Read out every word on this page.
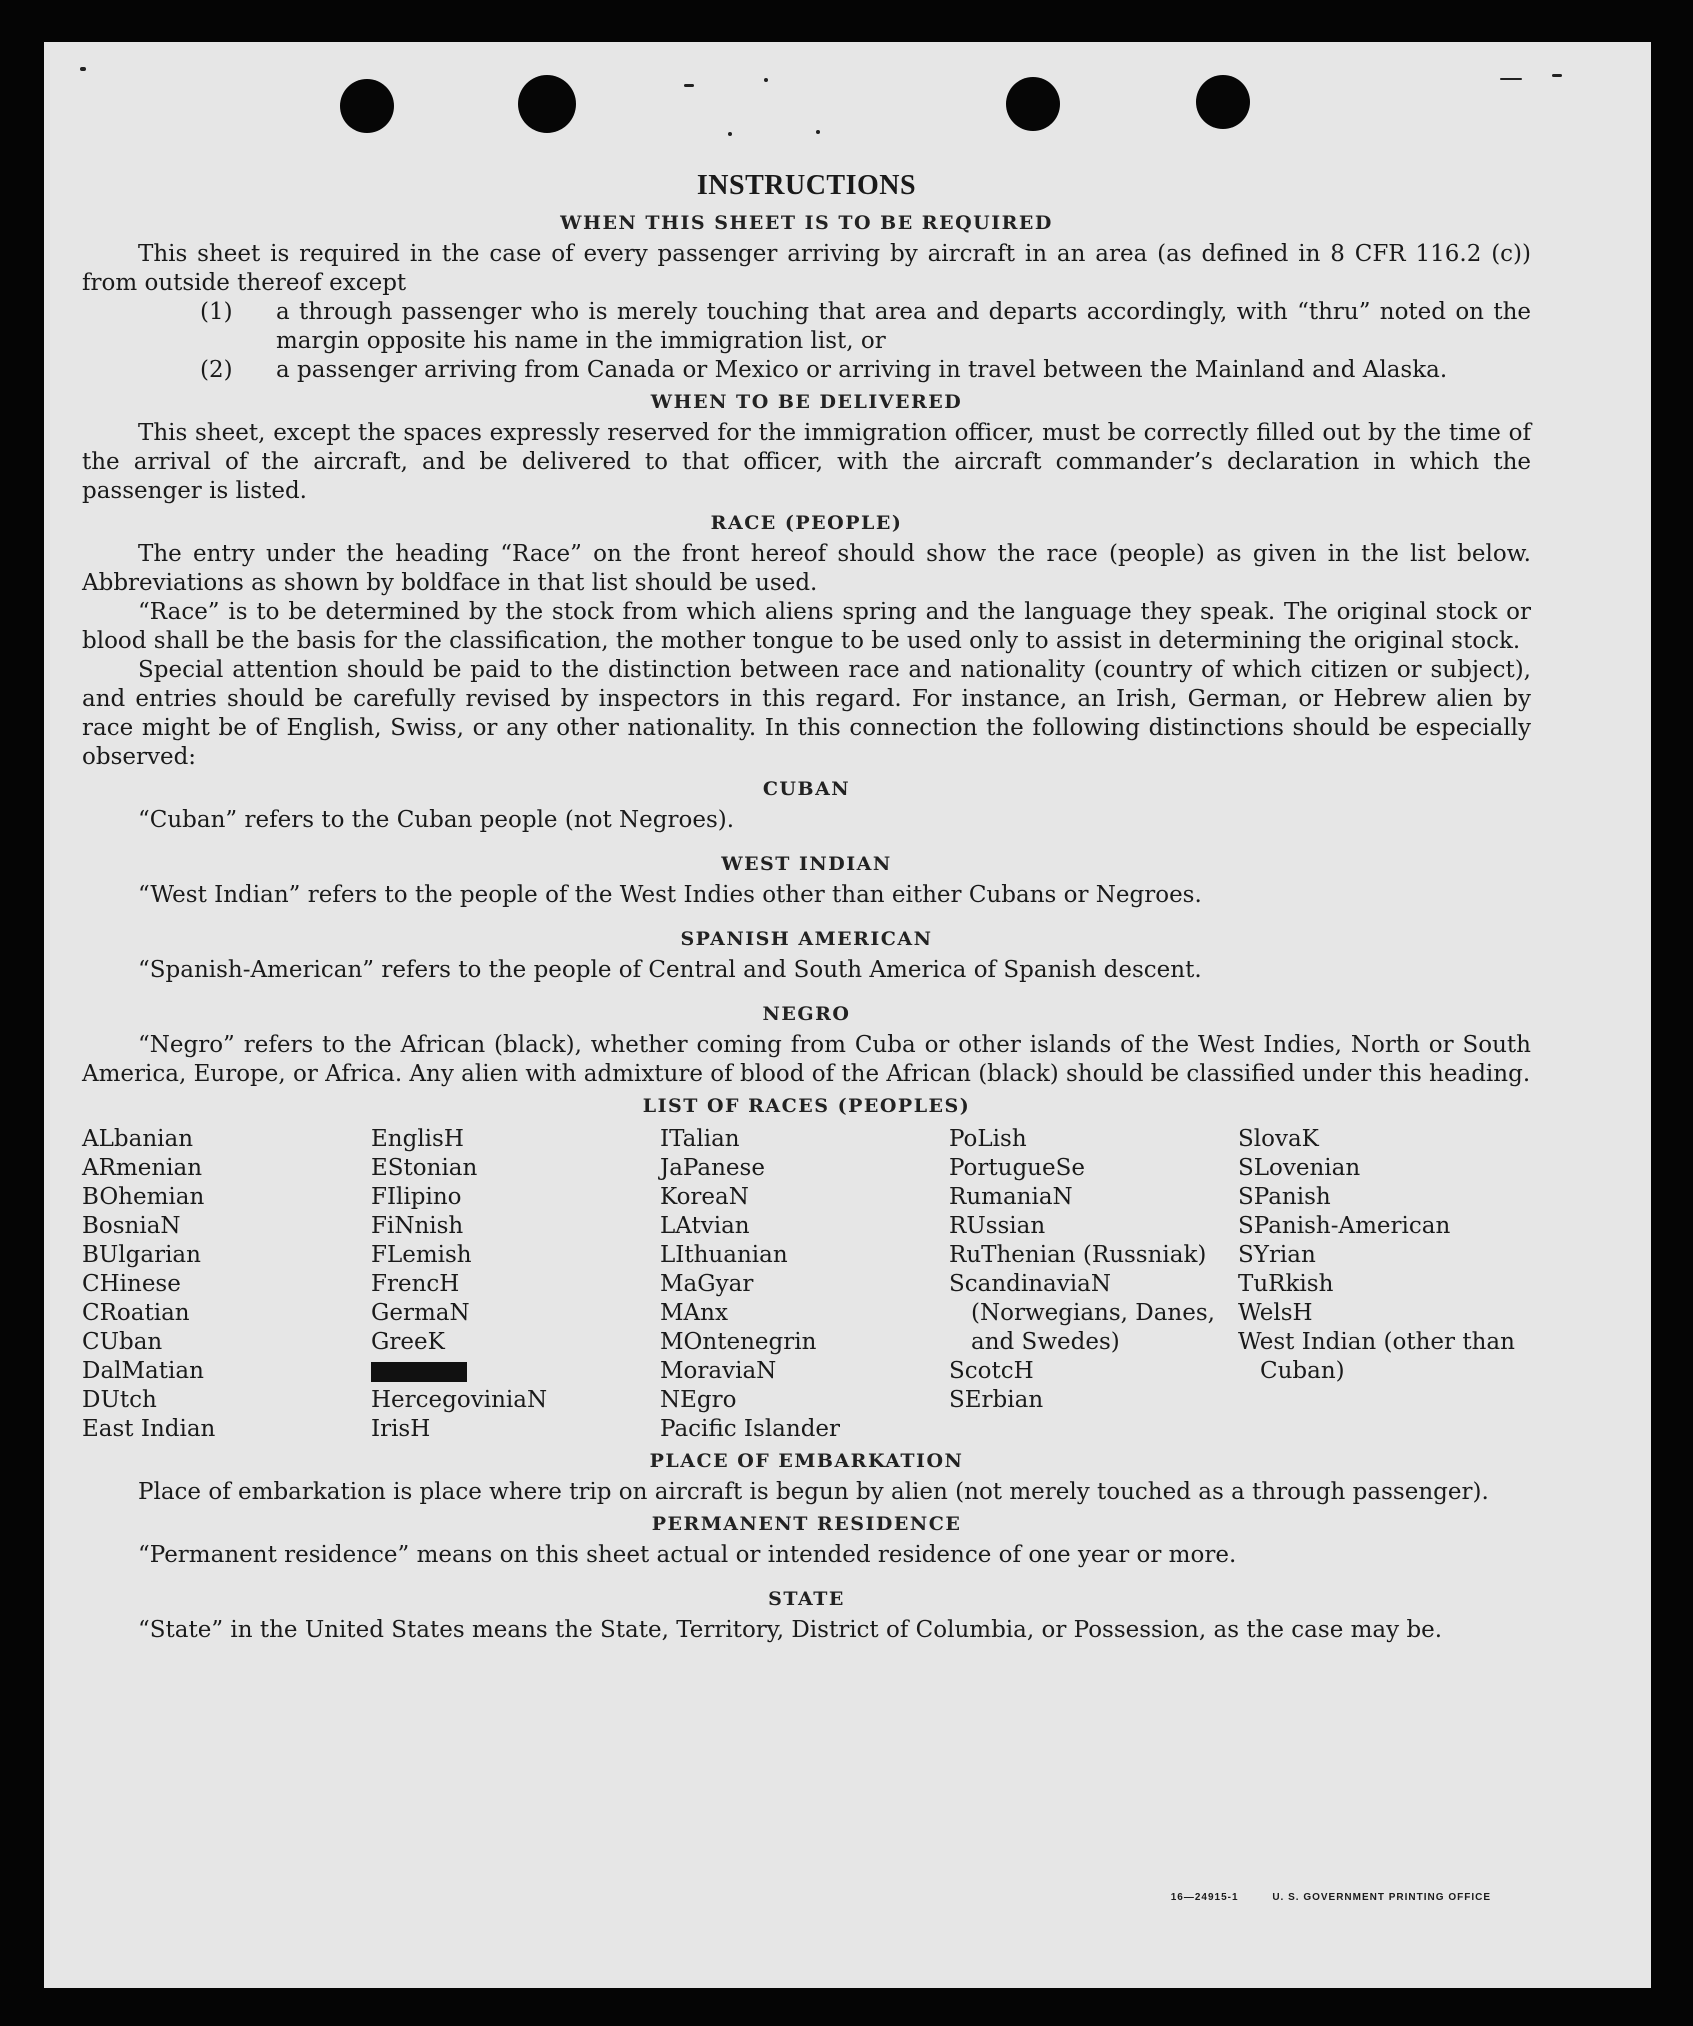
INSTRUCTIONS
WHEN THIS SHEET IS TO BE REQUIRED

This sheet is required in the case of every passenger arriving by aircraft in an area (as defined in 8 CFR 116.2 (c)) from outside thereof except

(1)	a through passenger who is merely touching that area and departs accordingly, with “thru” noted on the margin opposite his name in the immigration list, or
(2)	a passenger arriving from Canada or Mexico or arriving in travel between the Mainland and Alaska.
WHEN TO BE DELIVERED

This sheet, except the spaces expressly reserved for the immigration officer, must be correctly filled out by the time of the arrival of the aircraft, and be delivered to that officer, with the aircraft commander’s declaration in which the passenger is listed.

RACE (PEOPLE)

The entry under the heading “Race” on the front hereof should show the race (people) as given in the list below. Abbreviations as shown by boldface in that list should be used.

“Race” is to be determined by the stock from which aliens spring and the language they speak. The original stock or blood shall be the basis for the classification, the mother tongue to be used only to assist in determining the original stock.

Special attention should be paid to the distinction between race and nationality (country of which citizen or subject), and entries should be carefully revised by inspectors in this regard. For instance, an Irish, German, or Hebrew alien by race might be of English, Swiss, or any other nationality. In this connection the following distinctions should be especially observed:

CUBAN

“Cuban” refers to the Cuban people (not Negroes).

WEST INDIAN

“West Indian” refers to the people of the West Indies other than either Cubans or Negroes.

SPANISH AMERICAN

“Spanish-American” refers to the people of Central and South America of Spanish descent.

NEGRO

“Negro” refers to the African (black), whether coming from Cuba or other islands of the West Indies, North or South America, Europe, or Africa. Any alien with admixture of blood of the African (black) should be classified under this heading.

LIST OF RACES (PEOPLES)
ALbanian
ARmenian
BOhemian
BosniaN
BUlgarian
CHinese
CRoatian
CUban
DalMatian
DUtch
East Indian
EnglisH
EStonian
FIlipino
FiNnish
FLemish
FrencH
GermaN
GreeK
HercegoviniaN
IrisH
ITalian
JaPanese
KoreaN
LAtvian
LIthuanian
MaGyar
MAnx
MOntenegrin
MoraviaN
NEgro
Pacific Islander
PoLish
PortugueSe
RumaniaN
RUssian
RuThenian (Russniak)
ScandinaviaN (Norwegians, Danes, and Swedes)
ScotcH
SErbian
SlovaK
SLovenian
SPanish
SPanish-American
SYrian
TuRkish
WelsH
West Indian (other than Cuban)
PLACE OF EMBARKATION

Place of embarkation is place where trip on aircraft is begun by alien (not merely touched as a through passenger).

PERMANENT RESIDENCE

“Permanent residence” means on this sheet actual or intended residence of one year or more.

STATE

“State” in the United States means the State, Territory, District of Columbia, or Possession, as the case may be.

16—24915-1	U. S. GOVERNMENT PRINTING OFFICE
